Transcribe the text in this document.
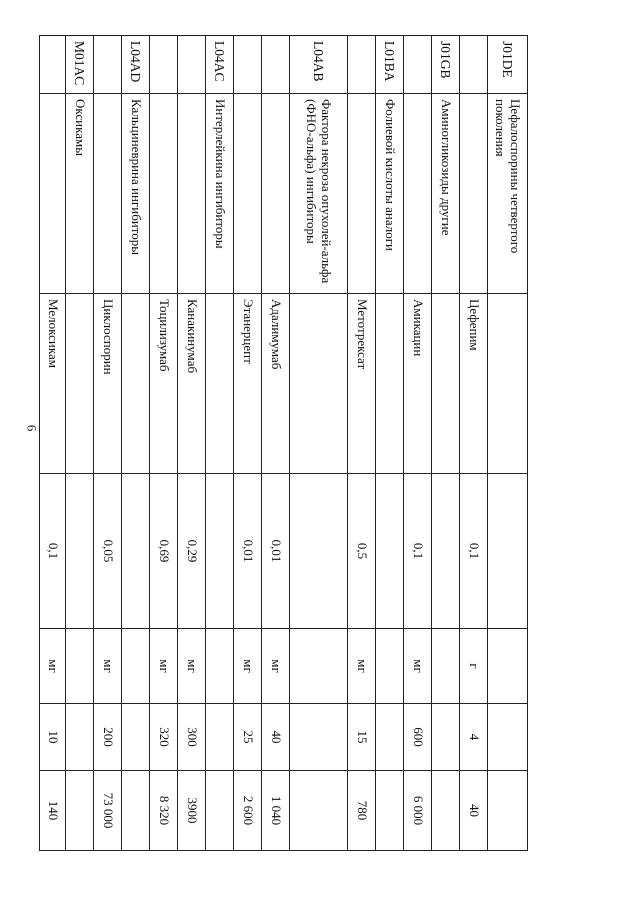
6
J01DE	Цефалоспорины четвертого поколения					
		Цефепим	0,1	г	4	40
J01GB	Аминогликозиды другие					
		Амикацин	0,1	мг	600	6 000
L01BA	Фолиевой кислоты аналоги					
		Метотрексат	0,5	мг	15	780
L04AB	Фактора некроза опухолей-альфа (ФНО-альфа) ингибиторы					
		Адалимумаб	0,01	мг	40	1 040
		Этанерцепт	0,01	мг	25	2 600
L04AC	Интерлейкина ингибиторы					
		Канакинумаб	0,29	мг	300	3900
		Тоцилизумаб	0,69	мг	320	8 320
L04AD	Кальциневрина ингибиторы					
		Циклоспорин	0,05	мг	200	73 000
M01AC	Оксикамы					
		Мелоксикам	0,1	мг	10	140
